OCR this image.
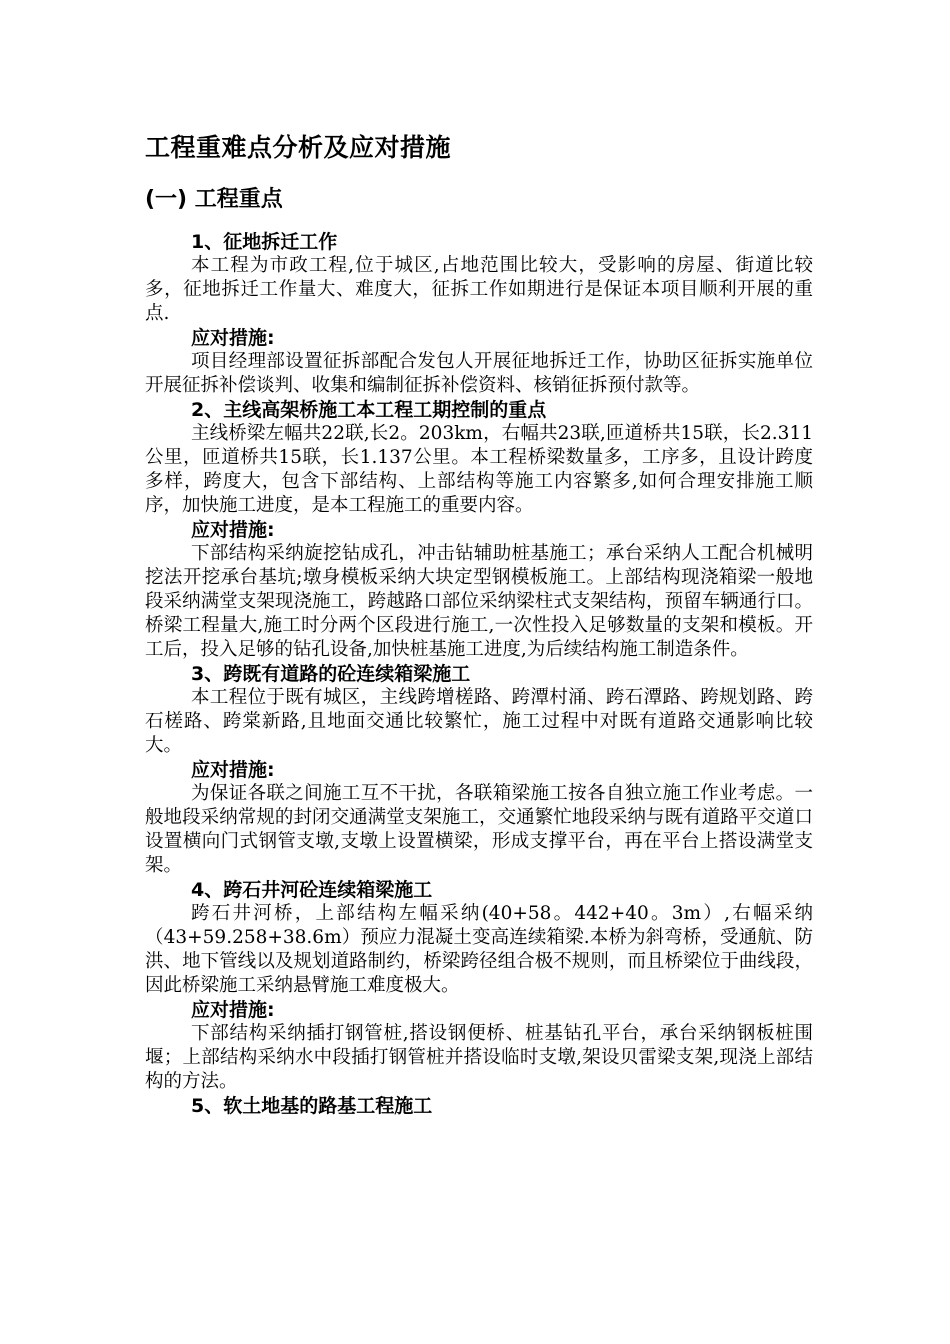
工程重难点分析及应对措施
(一) 工程重点
1、征地拆迁工作

本工程为市政工程,位于城区,占地范围比较大，受影响的房屋、街道比较多，征地拆迁工作量大、难度大，征拆工作如期进行是保证本项目顺利开展的重点.

应对措施:

项目经理部设置征拆部配合发包人开展征地拆迁工作，协助区征拆实施单位开展征拆补偿谈判、收集和编制征拆补偿资料、核销征拆预付款等。

2、主线高架桥施工本工程工期控制的重点

主线桥梁左幅共22联,长2。203km，右幅共23联,匝道桥共15联，长2.311公里，匝道桥共15联，长1.137公里。本工程桥梁数量多，工序多，且设计跨度多样，跨度大，包含下部结构、上部结构等施工内容繁多,如何合理安排施工顺序，加快施工进度，是本工程施工的重要内容。

应对措施:

下部结构采纳旋挖钻成孔，冲击钻辅助桩基施工；承台采纳人工配合机械明挖法开挖承台基坑;墩身模板采纳大块定型钢模板施工。上部结构现浇箱梁一般地段采纳满堂支架现浇施工，跨越路口部位采纳梁柱式支架结构，预留车辆通行口。桥梁工程量大,施工时分两个区段进行施工,一次性投入足够数量的支架和模板。开工后，投入足够的钻孔设备,加快桩基施工进度,为后续结构施工制造条件。

3、跨既有道路的砼连续箱梁施工

本工程位于既有城区，主线跨增槎路、跨潭村涌、跨石潭路、跨规划路、跨石槎路、跨棠新路,且地面交通比较繁忙，施工过程中对既有道路交通影响比较大。

应对措施:

为保证各联之间施工互不干扰，各联箱梁施工按各自独立施工作业考虑。一般地段采纳常规的封闭交通满堂支架施工，交通繁忙地段采纳与既有道路平交道口设置横向门式钢管支墩,支墩上设置横梁，形成支撑平台，再在平台上搭设满堂支架。

4、跨石井河砼连续箱梁施工

跨石井河桥，上部结构左幅采纳(40+58。442+40。3m）,右幅采纳（43+59.258+38.6m）预应力混凝土变高连续箱梁.本桥为斜弯桥，受通航、防洪、地下管线以及规划道路制约，桥梁跨径组合极不规则，而且桥梁位于曲线段，因此桥梁施工采纳悬臂施工难度极大。

应对措施:

下部结构采纳插打钢管桩,搭设钢便桥、桩基钻孔平台，承台采纳钢板桩围堰；上部结构采纳水中段插打钢管桩并搭设临时支墩,架设贝雷梁支架,现浇上部结构的方法。

5、软土地基的路基工程施工
